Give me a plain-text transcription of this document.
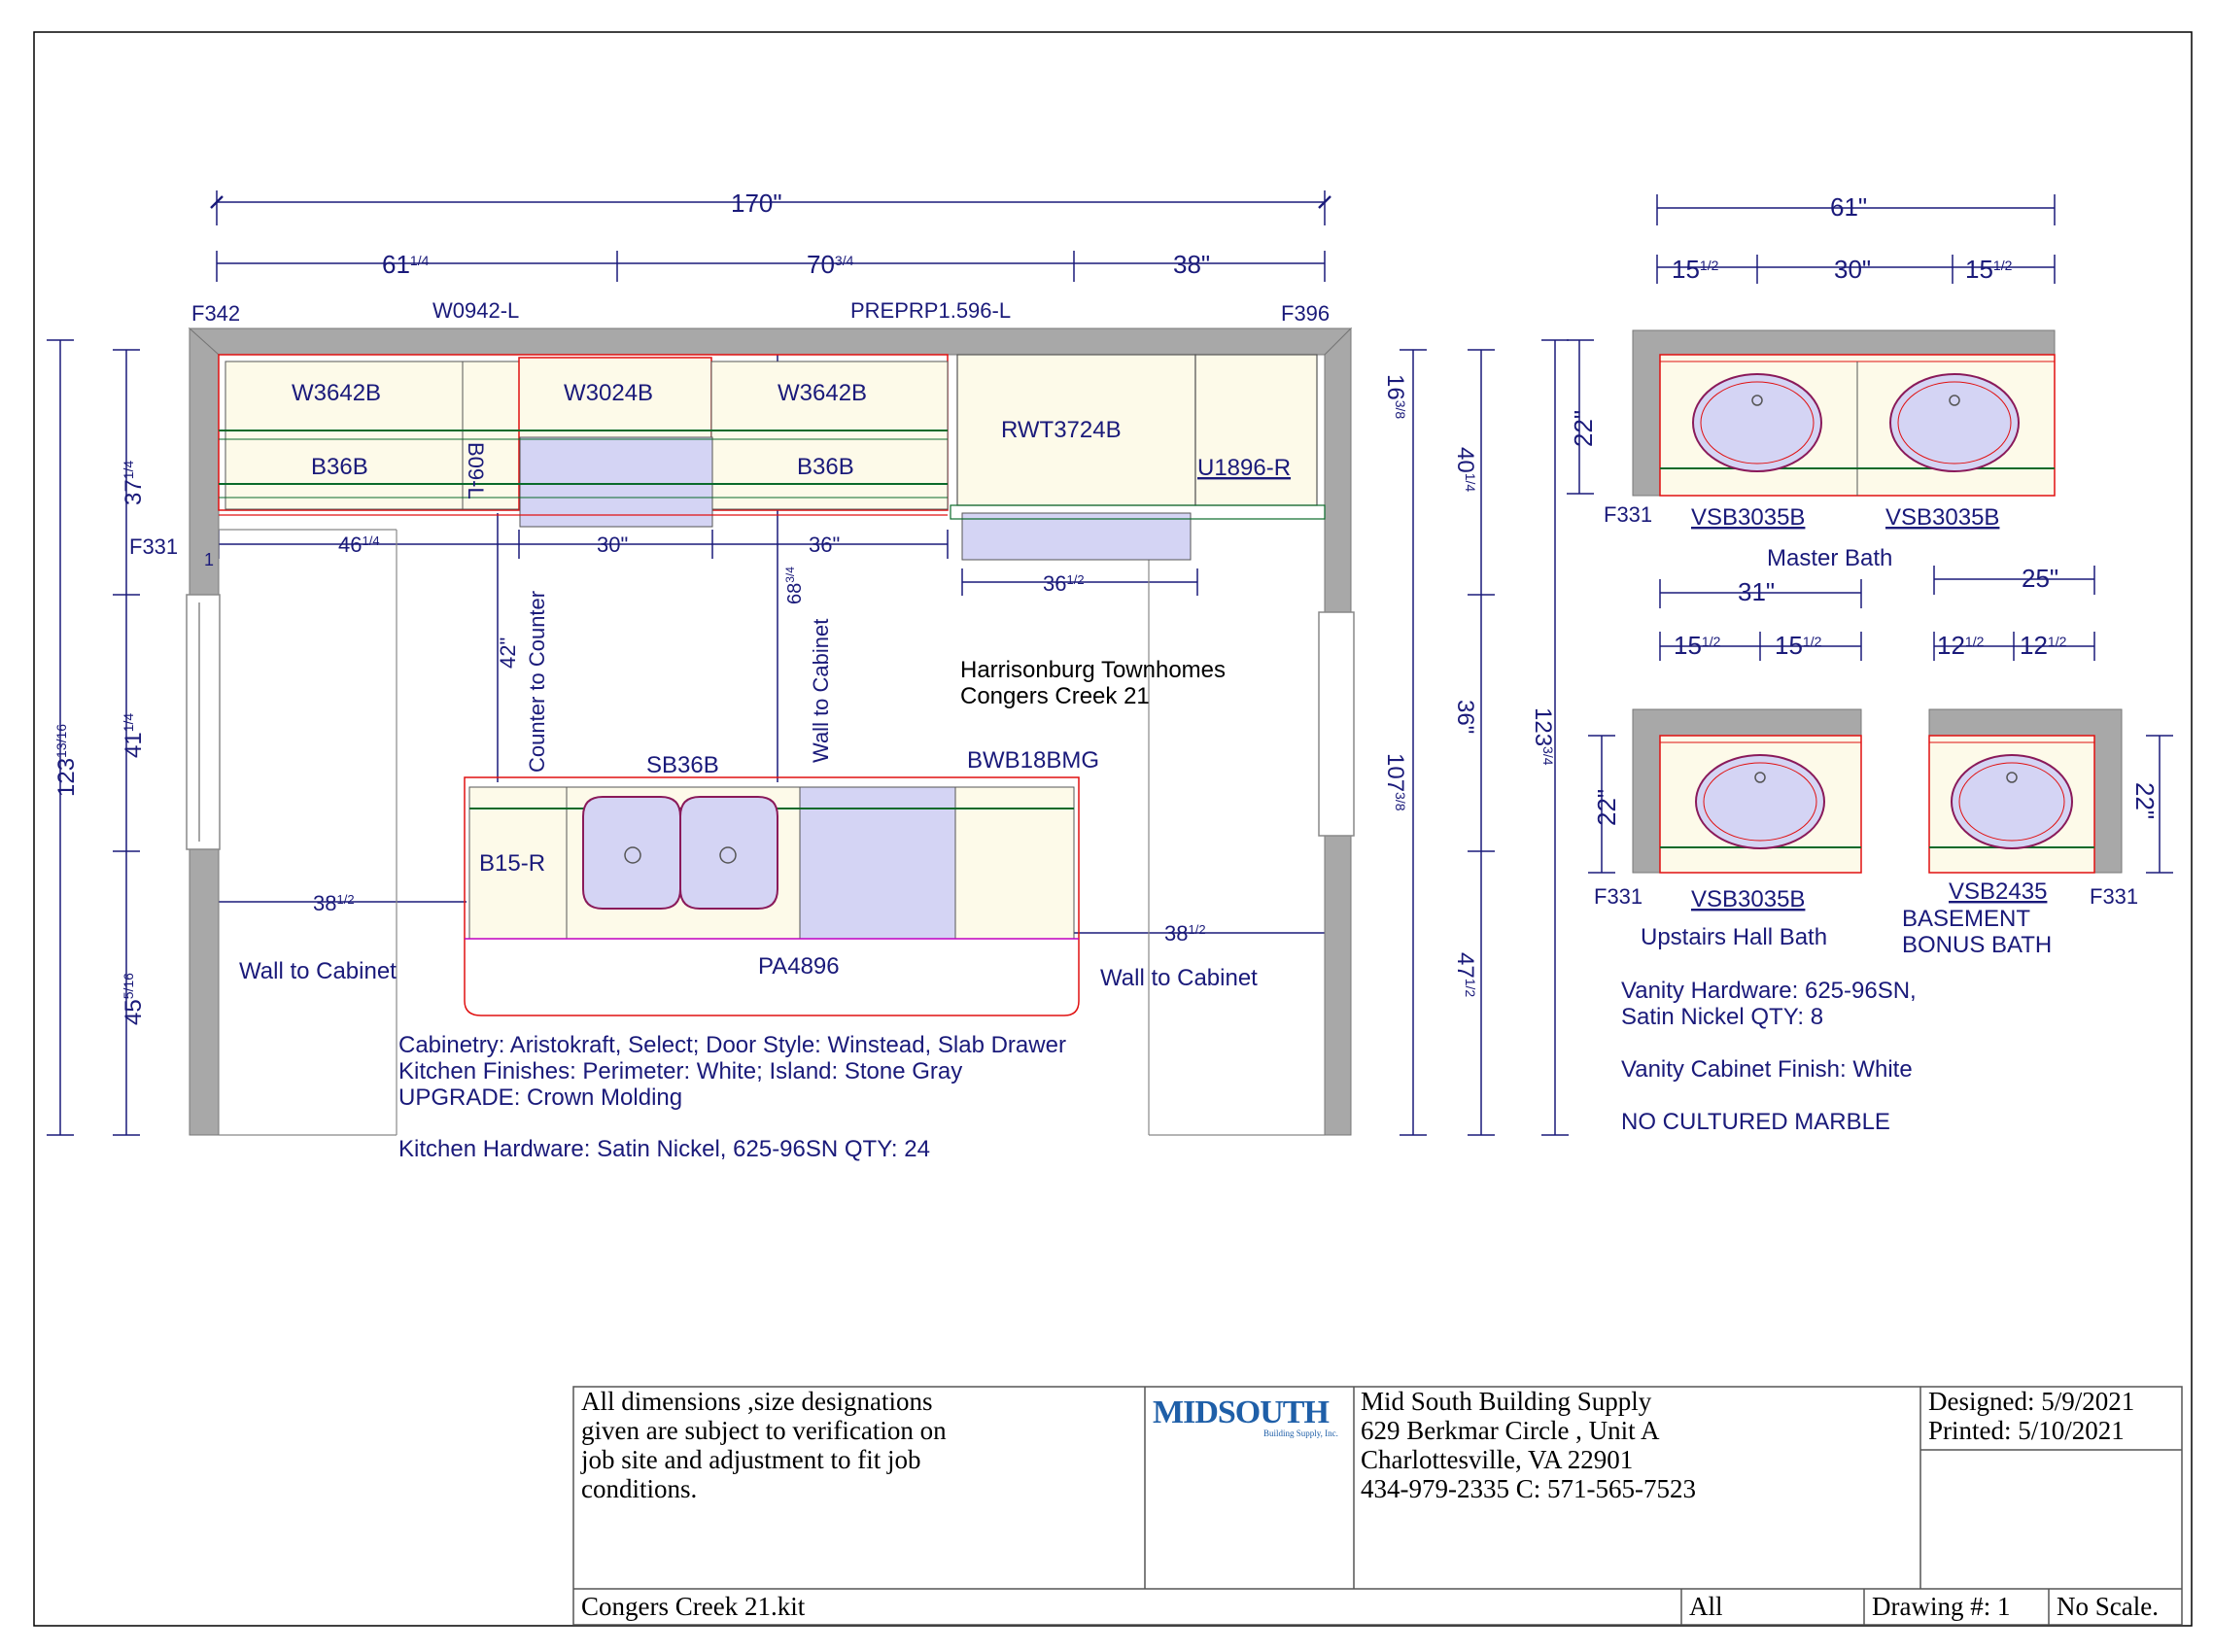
170"
$61^{1/4}$	$70^{3/4}$	38"
F342	W0942-L	PREPRP1.596-L	F396
W3642B	W3024B	W3642B
B36B	B36B
B09-L
RWT3724B
U1896-R
F331
1
$46^{1/4}$	30"	36"
$36^{1/2}$
42" Counter to Counter	$68^{3/4}$
Wall to Cabinet
$37^{1/4}$
$41^{1/4}$
$45^{5/16}$
$123^{13/16}$
$16^{3/8}$
$107^{3/8}$
$40^{1/4}$
36"
$47^{1/2}$
$123^{3/4}$
SB36B	BWB18BMG
B15-R
PA4896
$38^{1/2}$
$38^{1/2}$
Wall to Cabinet	Wall to Cabinet
Harrisonburg Townhomes
Congers Creek 21
Cabinetry: Aristokraft, Select; Door Style: Winstead, Slab Drawer
Kitchen Finishes: Perimeter: White; Island: Stone Gray
UPGRADE: Crown Molding
Kitchen Hardware: Satin Nickel, 625-96SN QTY: 24
61"
$15^{1/2}$	30"	$15^{1/2}$
22"
F331 VSB3035B	VSB3035B
Master Bath
31"
$15^{1/2}$ $15^{1/2}$
22"
F331 VSB3035B
Upstairs Hall Bath
25"
$12^{1/2}$ $12^{1/2}$
22"
VSB2435 F331
BASEMENT
BONUS BATH
Vanity Hardware: 625-96SN,
Satin Nickel QTY: 8
Vanity Cabinet Finish: White
NO CULTURED MARBLE
All dimensions ,size designations
given are subject to verification on
job site and adjustment to fit job
conditions.
MIDSOUTH
Building Supply, Inc.
Mid South Building Supply
629 Berkmar Circle , Unit A
Charlottesville, VA 22901
434-979-2335 C: 571-565-7523
Designed: 5/9/2021
Printed: 5/10/2021
Congers Creek 21.kit	All	Drawing #: 1 No Scale.
